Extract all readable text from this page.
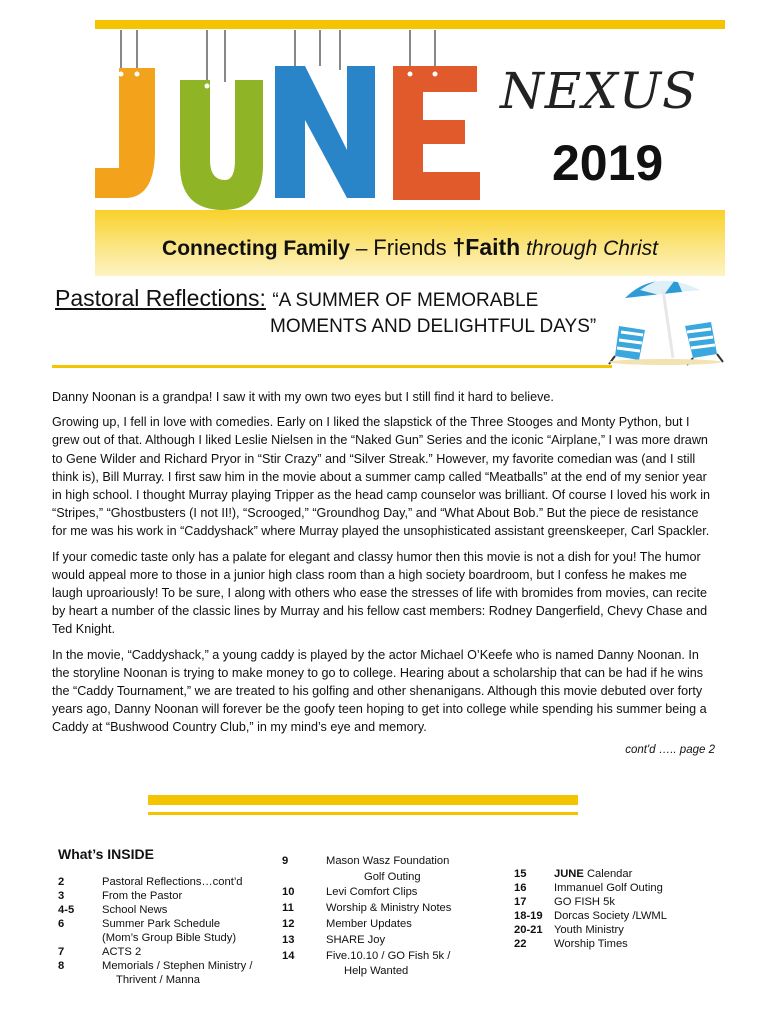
NEXUS
2019
Connecting Family – Friends †Faith through Christ
Pastoral Reflections: “A SUMMER OF MEMORABLE
MOMENTS AND DELIGHTFUL DAYS”

Danny Noonan is a grandpa! I saw it with my own two eyes but I still find it hard to believe.

Growing up, I fell in love with comedies. Early on I liked the slapstick of the Three Stooges and Monty Python, but I grew out of that. Although I liked Leslie Nielsen in the “Naked Gun” Series and the iconic “Airplane,” I was more drawn to Gene Wilder and Richard Pryor in “Stir Crazy” and “Silver Streak.” However, my favorite comedian was (and I still think is), Bill Murray. I first saw him in the movie about a summer camp called “Meatballs” at the end of my senior year in high school. I thought Murray playing Tripper as the head camp counselor was brilliant. Of course I loved his work in “Stripes,” “Ghostbusters (I not II!), “Scrooged,” “Groundhog Day,” and “What About Bob.” But the piece de resistance for me was his work in “Caddyshack” where Murray played the unsophisticated assistant greenskeeper, Carl Spackler.

If your comedic taste only has a palate for elegant and classy humor then this movie is not a dish for you! The humor would appeal more to those in a junior high class room than a high society boardroom, but I confess he makes me laugh uproariously! To be sure, I along with others who ease the stresses of life with bromides from movies, can recite by heart a number of the classic lines by Murray and his fellow cast members: Rodney Dangerfield, Chevy Chase and Ted Knight.

In the movie, “Caddyshack,” a young caddy is played by the actor Michael O’Keefe who is named Danny Noonan. In the storyline Noonan is trying to make money to go to college. Hearing about a scholarship that can be had if he wins the “Caddy Tournament,” we are treated to his golfing and other shenanigans. Although this movie debuted over forty years ago, Danny Noonan will forever be the goofy teen hoping to get into college while spending his summer being a Caddy at “Bushwood Country Club,” in my mind’s eye and memory.

cont'd ….. page 2
What’s INSIDE
2	Pastoral Reflections…cont’d
3	From the Pastor
4-5 School News
6	Summer Park Schedule
(Mom’s Group Bible Study)
7	ACTS 2
8	Memorials / Stephen Ministry /
Thrivent / Manna
9	Mason Wasz Foundation
Golf Outing
10	Levi Comfort Clips
11	Worship & Ministry Notes
12	Member Updates
13	SHARE Joy
14	Five.10.10 / GO Fish 5k /
Help Wanted
15 JUNE Calendar
16 Immanuel Golf Outing
17 GO FISH 5k
18-19 Dorcas Society /LWML
20-21 Youth Ministry
22 Worship Times
